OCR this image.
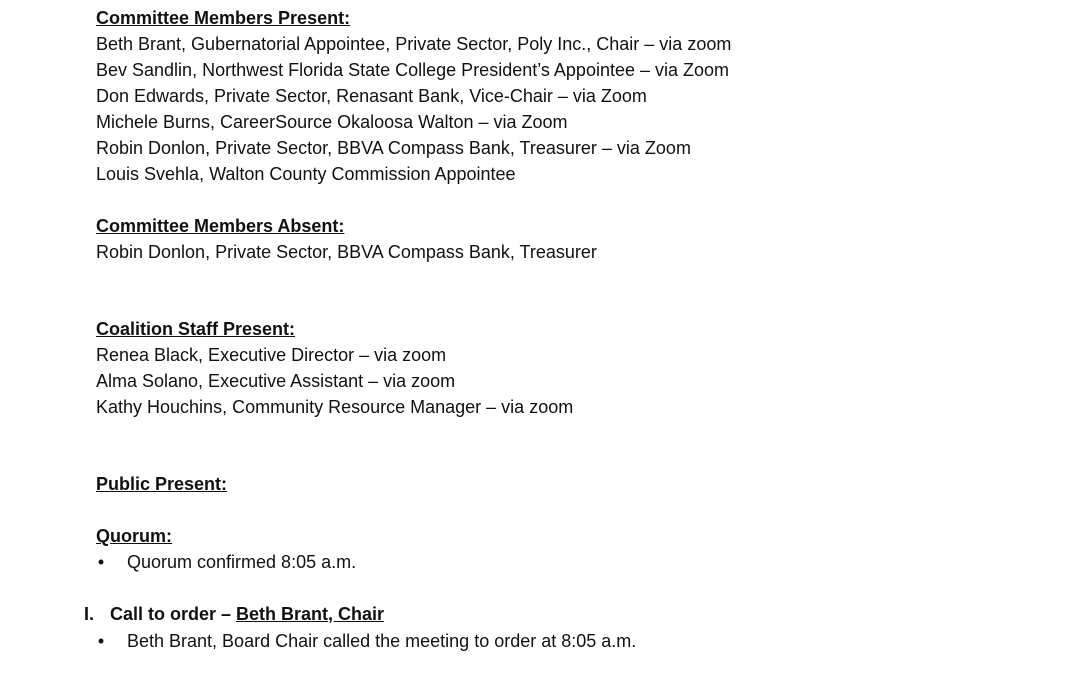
Committee Members Present:
Beth Brant, Gubernatorial Appointee, Private Sector, Poly Inc., Chair – via zoom
Bev Sandlin, Northwest Florida State College President’s Appointee – via Zoom
Don Edwards, Private Sector, Renasant Bank, Vice-Chair – via Zoom
Michele Burns, CareerSource Okaloosa Walton – via Zoom
Robin Donlon, Private Sector, BBVA Compass Bank, Treasurer – via Zoom
Louis Svehla, Walton County Commission Appointee
Committee Members Absent:
Robin Donlon, Private Sector, BBVA Compass Bank, Treasurer
Coalition Staff Present:
Renea Black, Executive Director – via zoom
Alma Solano, Executive Assistant – via zoom
Kathy Houchins, Community Resource Manager – via zoom
Public Present:
Quorum:
• Quorum confirmed 8:05 a.m.
I. Call to order – Beth Brant, Chair
• Beth Brant, Board Chair called the meeting to order at 8:05 a.m.
